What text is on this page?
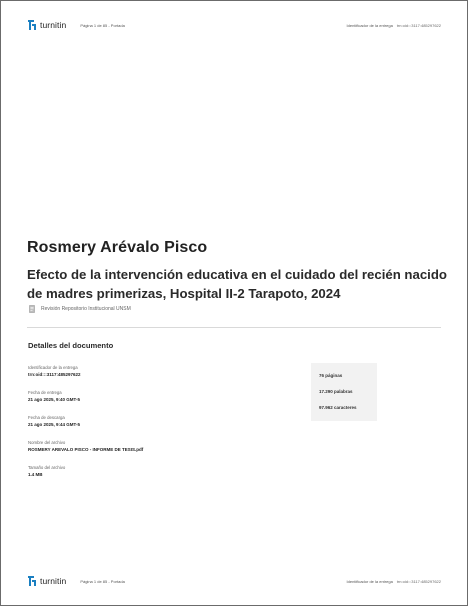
turnitin	Página 1 de 85 - Portada	Identificador de la entrega trn:oid:::3117:485297622
Rosmery Arévalo Pisco
Efecto de la intervención educativa en el cuidado del recién nacido de madres primerizas, Hospital II-2 Tarapoto, 2024
Revisión Repositorio Institucional UNSM
Detalles del documento
Identificador de la entrega
trn:oid:::3117:485297622
Fecha de entrega
21 ago 2025, 9:40 GMT-5
Fecha de descarga
21 ago 2025, 9:44 GMT-5
Nombre del archivo
ROSMERY AREVALO PISCO - INFORME DE TESIS.pdf
Tamaño del archivo
1.4 MB
76 páginas
17.290 palabras
97.962 caracteres
turnitin	Página 1 de 85 - Portada	Identificador de la entrega trn:oid:::3117:485297622
